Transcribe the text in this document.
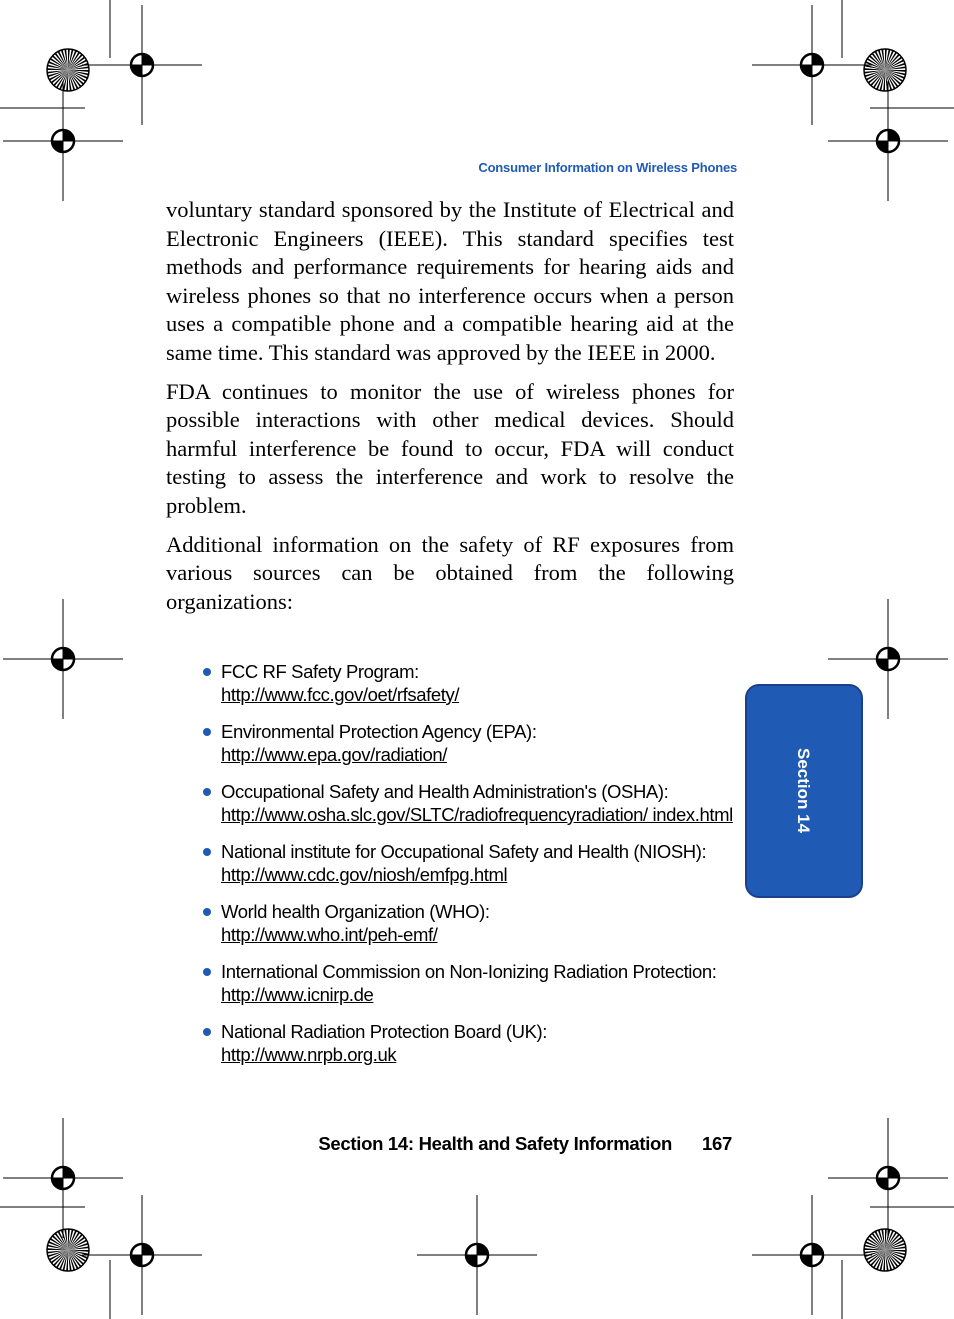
Consumer Information on Wireless Phones

voluntary standard sponsored by the Institute of Electrical and Electronic Engineers (IEEE). This standard specifies test methods and performance requirements for hearing aids and wireless phones so that no interference occurs when a person uses a compatible phone and a compatible hearing aid at the same time. This standard was approved by the IEEE in 2000.

FDA continues to monitor the use of wireless phones for possible interactions with other medical devices. Should harmful interference be found to occur, FDA will conduct testing to assess the interference and work to resolve the problem.

Additional information on the safety of RF exposures from various sources can be obtained from the following organizations:

FCC RF Safety Program:
http://www.fcc.gov/oet/rfsafety/
Environmental Protection Agency (EPA):
http://www.epa.gov/radiation/
Occupational Safety and Health Administration's (OSHA):
http://www.osha.slc.gov/SLTC/radiofrequencyradiation/ index.html
National institute for Occupational Safety and Health (NIOSH):
http://www.cdc.gov/niosh/emfpg.html
World health Organization (WHO):
http://www.who.int/peh-emf/
International Commission on Non-Ionizing Radiation Protection:
http://www.icnirp.de
National Radiation Protection Board (UK):
http://www.nrpb.org.uk
Section 14
Section 14: Health and Safety Information 167
